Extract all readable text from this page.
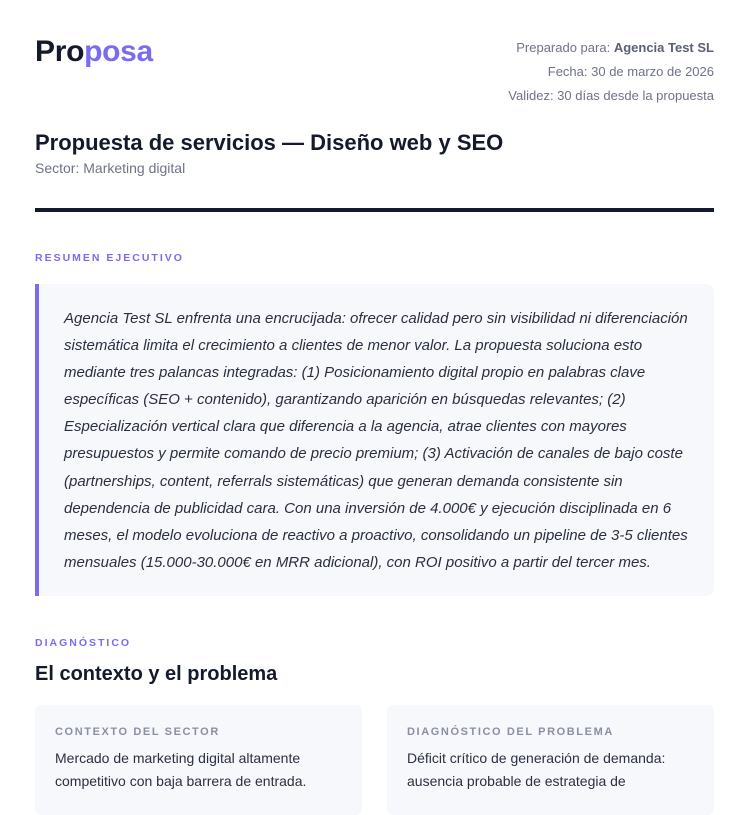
Proposa	Preparado para: Agencia Test SL
Fecha: 30 de marzo de 2026
Validez: 30 días desde la propuesta
Propuesta de servicios — Diseño web y SEO
Sector: Marketing digital
RESUMEN EJECUTIVO

Agencia Test SL enfrenta una encrucijada: ofrecer calidad pero sin visibilidad ni diferenciación sistemática limita el crecimiento a clientes de menor valor. La propuesta soluciona esto mediante tres palancas integradas: (1) Posicionamiento digital propio en palabras clave específicas (SEO + contenido), garantizando aparición en búsquedas relevantes; (2) Especialización vertical clara que diferencia a la agencia, atrae clientes con mayores presupuestos y permite comando de precio premium; (3) Activación de canales de bajo coste (partnerships, content, referrals sistemáticas) que generan demanda consistente sin dependencia de publicidad cara. Con una inversión de 4.000€ y ejecución disciplinada en 6 meses, el modelo evoluciona de reactivo a proactivo, consolidando un pipeline de 3-5 clientes mensuales (15.000-30.000€ en MRR adicional), con ROI positivo a partir del tercer mes.

DIAGNÓSTICO
El contexto y el problema
CONTEXTO DEL SECTOR
Mercado de marketing digital altamente competitivo con baja barrera de entrada.
DIAGNÓSTICO DEL PROBLEMA
Déficit crítico de generación de demanda: ausencia probable de estrategia de
